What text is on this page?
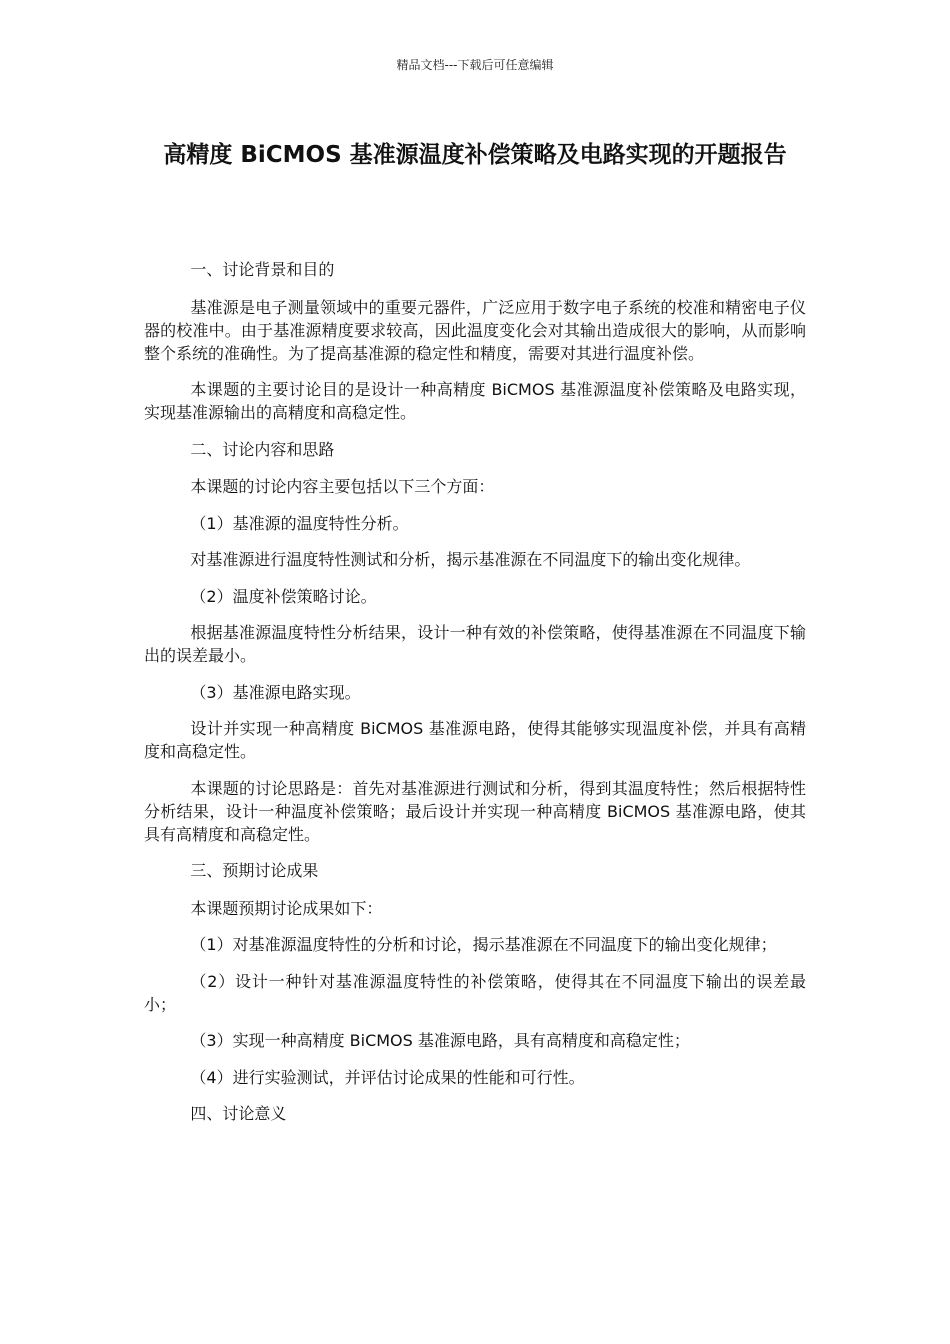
精品文档---下载后可任意编辑
高精度 BiCMOS 基准源温度补偿策略及电路实现的开题报告

一、讨论背景和目的

基准源是电子测量领域中的重要元器件，广泛应用于数字电子系统的校准和精密电子仪器的校准中。由于基准源精度要求较高，因此温度变化会对其输出造成很大的影响，从而影响整个系统的准确性。为了提高基准源的稳定性和精度，需要对其进行温度补偿。

本课题的主要讨论目的是设计一种高精度 BiCMOS 基准源温度补偿策略及电路实现，实现基准源输出的高精度和高稳定性。

二、讨论内容和思路

本课题的讨论内容主要包括以下三个方面：

（1）基准源的温度特性分析。

对基准源进行温度特性测试和分析，揭示基准源在不同温度下的输出变化规律。

（2）温度补偿策略讨论。

根据基准源温度特性分析结果，设计一种有效的补偿策略，使得基准源在不同温度下输出的误差最小。

（3）基准源电路实现。

设计并实现一种高精度 BiCMOS 基准源电路，使得其能够实现温度补偿，并具有高精度和高稳定性。

本课题的讨论思路是：首先对基准源进行测试和分析，得到其温度特性；然后根据特性分析结果，设计一种温度补偿策略；最后设计并实现一种高精度 BiCMOS 基准源电路，使其具有高精度和高稳定性。

三、预期讨论成果

本课题预期讨论成果如下：

（1）对基准源温度特性的分析和讨论，揭示基准源在不同温度下的输出变化规律；

（2）设计一种针对基准源温度特性的补偿策略，使得其在不同温度下输出的误差最小；

（3）实现一种高精度 BiCMOS 基准源电路，具有高精度和高稳定性；

（4）进行实验测试，并评估讨论成果的性能和可行性。

四、讨论意义
